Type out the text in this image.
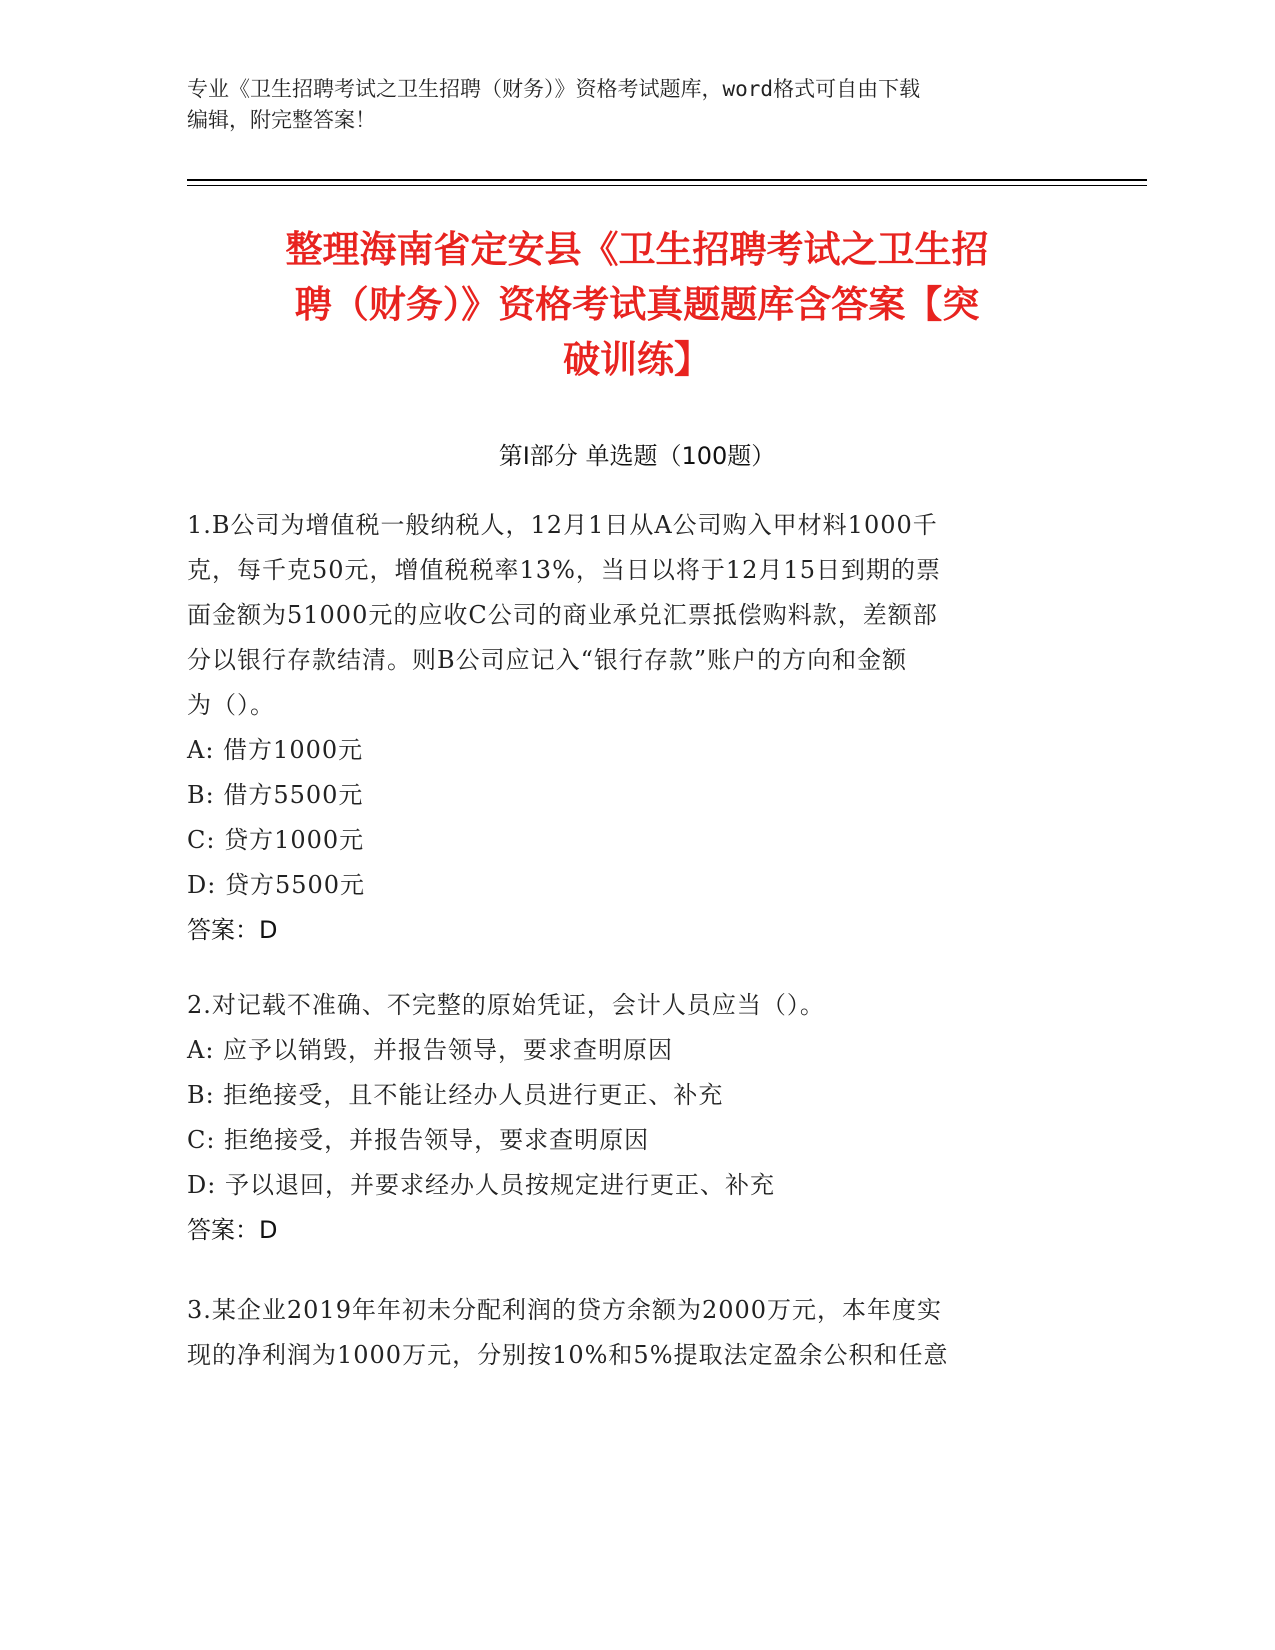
专业《卫生招聘考试之卫生招聘（财务）》资格考试题库，word格式可自由下载
编辑，附完整答案！
整理海南省定安县《卫生招聘考试之卫生招
聘（财务）》资格考试真题题库含答案【突
破训练】
第Ⅰ部分 单选题（100题）
1.B公司为增值税一般纳税人，12月1日从A公司购入甲材料1000千
克，每千克50元，增值税税率13%，当日以将于12月15日到期的票
面金额为51000元的应收C公司的商业承兑汇票抵偿购料款，差额部
分以银行存款结清。则B公司应记入“银行存款”账户的方向和金额
为（）。
A: 借方1000元
B: 借方5500元
C: 贷方1000元
D: 贷方5500元
答案：D
2.对记载不准确、不完整的原始凭证，会计人员应当（）。
A: 应予以销毁，并报告领导，要求查明原因
B: 拒绝接受，且不能让经办人员进行更正、补充
C: 拒绝接受，并报告领导，要求查明原因
D: 予以退回，并要求经办人员按规定进行更正、补充
答案：D
3.某企业2019年年初未分配利润的贷方余额为2000万元，本年度实
现的净利润为1000万元，分别按10%和5%提取法定盈余公积和任意
